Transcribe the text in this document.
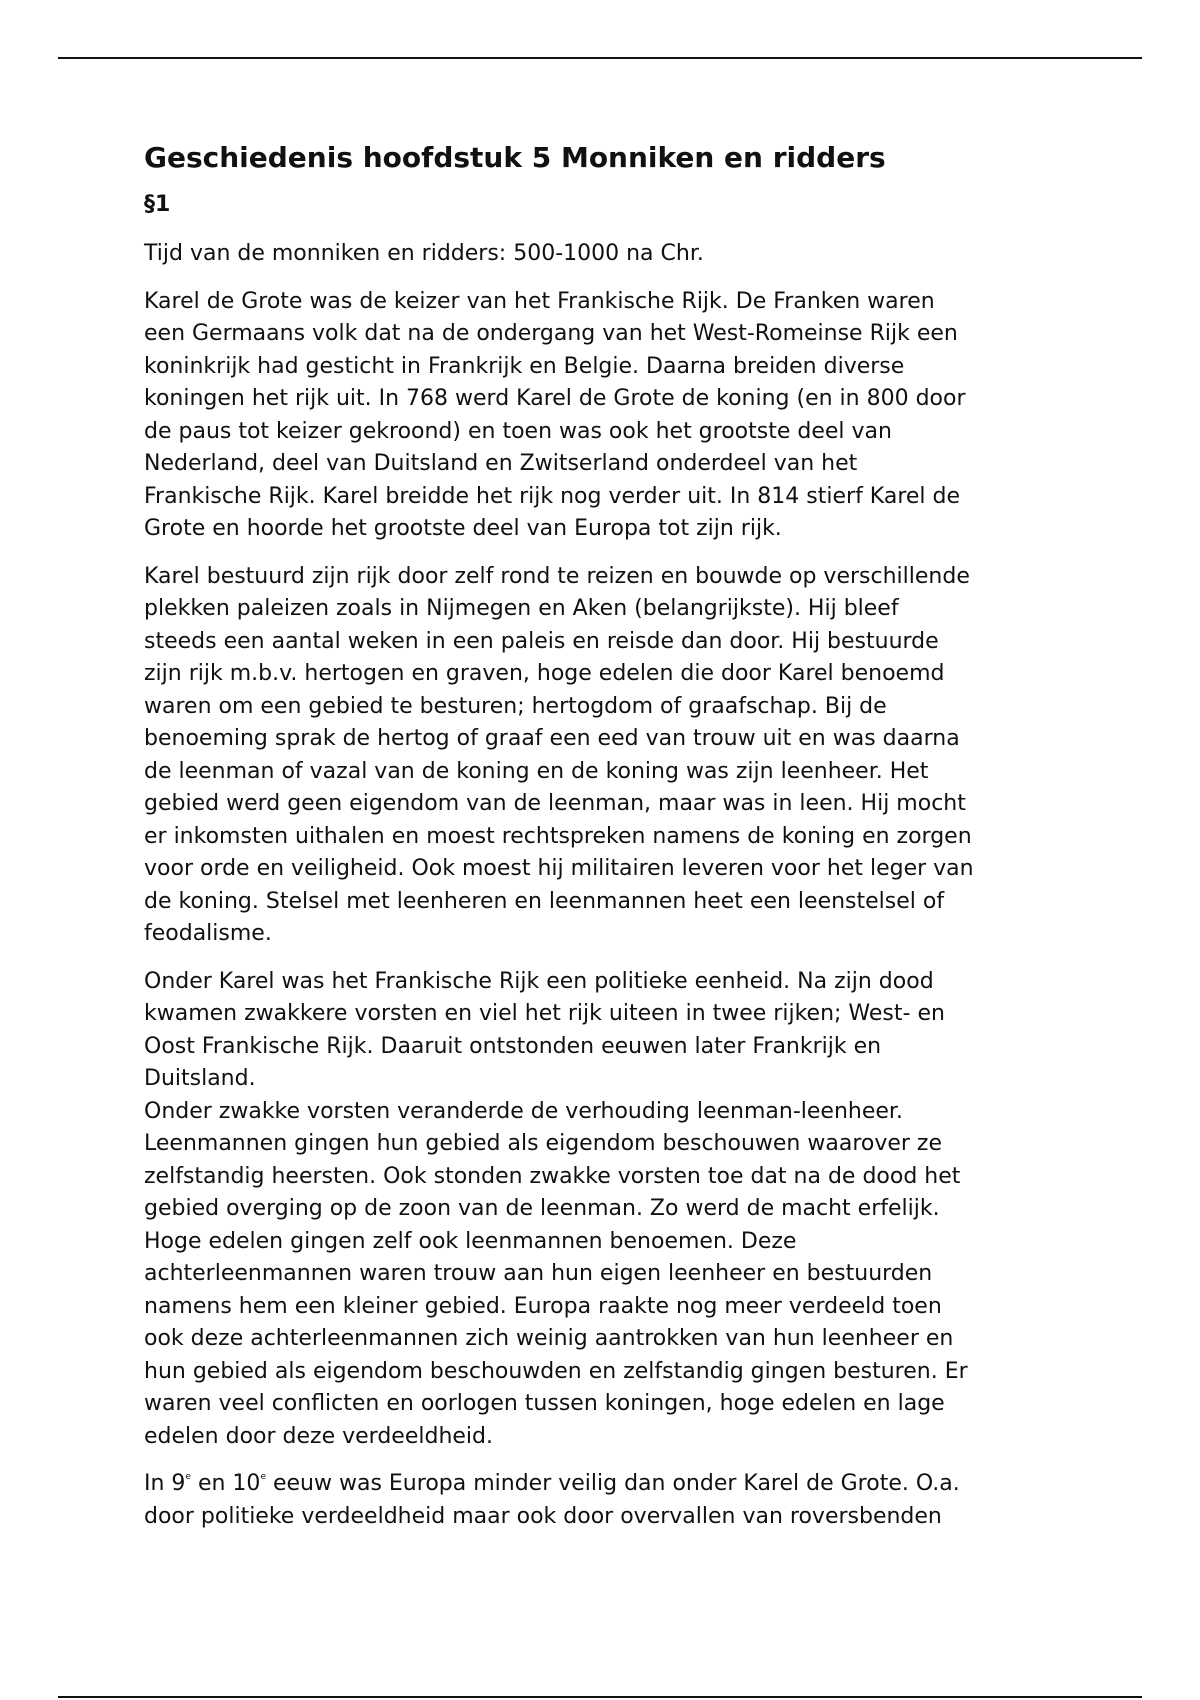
Geschiedenis hoofdstuk 5 Monniken en ridders
§1

Tijd van de monniken en ridders: 500-1000 na Chr.

Karel de Grote was de keizer van het Frankische Rijk. De Franken waren
een Germaans volk dat na de ondergang van het West-Romeinse Rijk een
koninkrijk had gesticht in Frankrijk en Belgie. Daarna breiden diverse
koningen het rijk uit. In 768 werd Karel de Grote de koning (en in 800 door
de paus tot keizer gekroond) en toen was ook het grootste deel van
Nederland, deel van Duitsland en Zwitserland onderdeel van het
Frankische Rijk. Karel breidde het rijk nog verder uit. In 814 stierf Karel de
Grote en hoorde het grootste deel van Europa tot zijn rijk.

Karel bestuurd zijn rijk door zelf rond te reizen en bouwde op verschillende
plekken paleizen zoals in Nijmegen en Aken (belangrijkste). Hij bleef
steeds een aantal weken in een paleis en reisde dan door. Hij bestuurde
zijn rijk m.b.v. hertogen en graven, hoge edelen die door Karel benoemd
waren om een gebied te besturen; hertogdom of graafschap. Bij de
benoeming sprak de hertog of graaf een eed van trouw uit en was daarna
de leenman of vazal van de koning en de koning was zijn leenheer. Het
gebied werd geen eigendom van de leenman, maar was in leen. Hij mocht
er inkomsten uithalen en moest rechtspreken namens de koning en zorgen
voor orde en veiligheid. Ook moest hij militairen leveren voor het leger van
de koning. Stelsel met leenheren en leenmannen heet een leenstelsel of
feodalisme.

Onder Karel was het Frankische Rijk een politieke eenheid. Na zijn dood
kwamen zwakkere vorsten en viel het rijk uiteen in twee rijken; West- en
Oost Frankische Rijk. Daaruit ontstonden eeuwen later Frankrijk en
Duitsland.
Onder zwakke vorsten veranderde de verhouding leenman-leenheer.
Leenmannen gingen hun gebied als eigendom beschouwen waarover ze
zelfstandig heersten. Ook stonden zwakke vorsten toe dat na de dood het
gebied overging op de zoon van de leenman. Zo werd de macht erfelijk.
Hoge edelen gingen zelf ook leenmannen benoemen. Deze
achterleenmannen waren trouw aan hun eigen leenheer en bestuurden
namens hem een kleiner gebied. Europa raakte nog meer verdeeld toen
ook deze achterleenmannen zich weinig aantrokken van hun leenheer en
hun gebied als eigendom beschouwden en zelfstandig gingen besturen. Er
waren veel conflicten en oorlogen tussen koningen, hoge edelen en lage
edelen door deze verdeeldheid.

In 9e en 10e eeuw was Europa minder veilig dan onder Karel de Grote. O.a.
door politieke verdeeldheid maar ook door overvallen van roversbenden
